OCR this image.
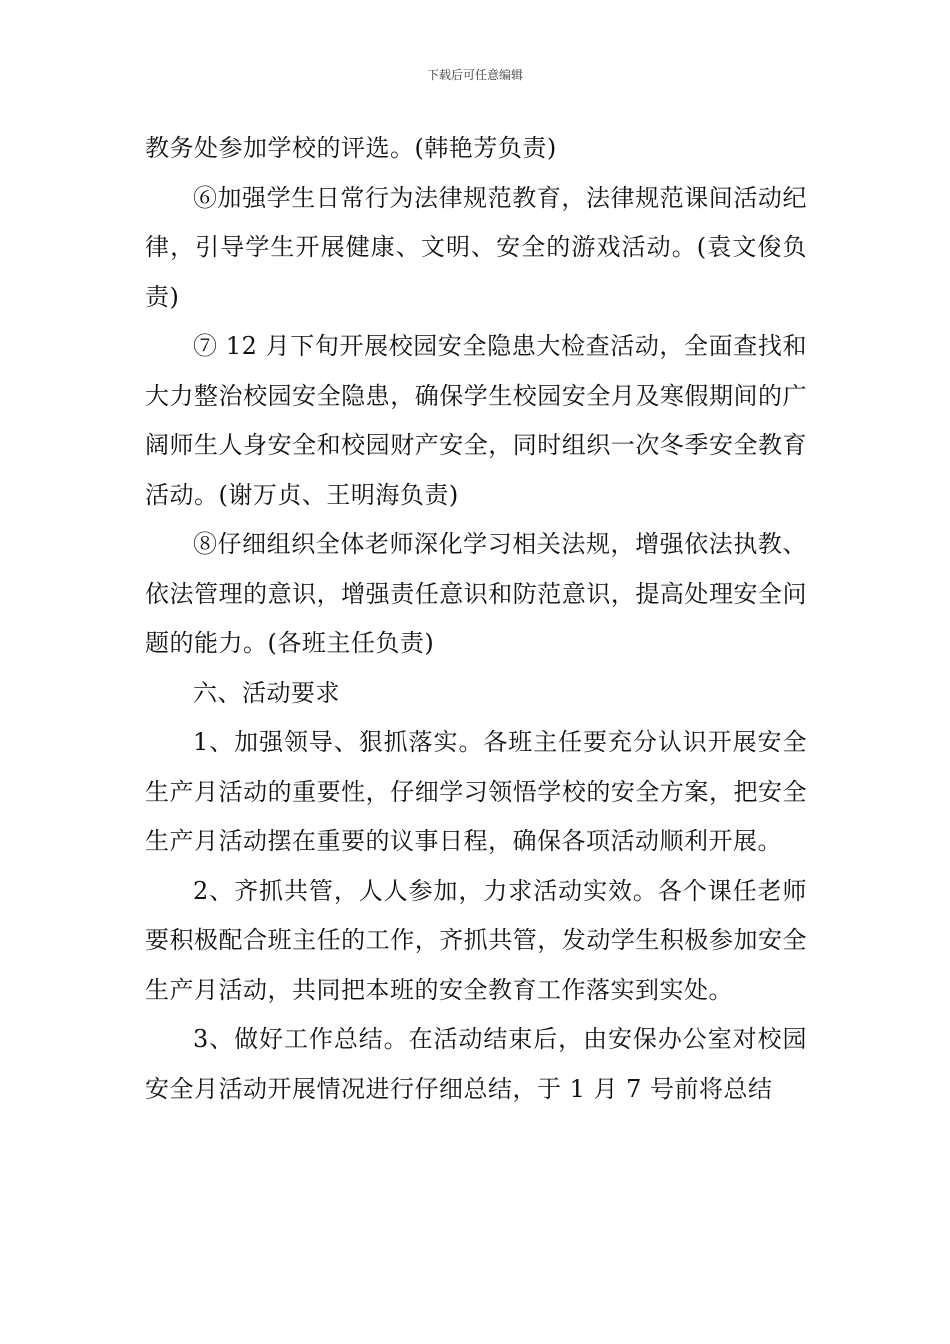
下载后可任意编辑

教务处参加学校的评选。(韩艳芳负责)

⑥加强学生日常行为法律规范教育，法律规范课间活动纪律，引导学生开展健康、文明、安全的游戏活动。(袁文俊负责)

⑦ 12 月下旬开展校园安全隐患大检查活动，全面查找和大力整治校园安全隐患，确保学生校园安全月及寒假期间的广阔师生人身安全和校园财产安全，同时组织一次冬季安全教育活动。(谢万贞、王明海负责)

⑧仔细组织全体老师深化学习相关法规，增强依法执教、依法管理的意识，增强责任意识和防范意识，提高处理安全问题的能力。(各班主任负责)

六、活动要求

1、加强领导、狠抓落实。各班主任要充分认识开展安全生产月活动的重要性，仔细学习领悟学校的安全方案，把安全生产月活动摆在重要的议事日程，确保各项活动顺利开展。

2、齐抓共管，人人参加，力求活动实效。各个课任老师要积极配合班主任的工作，齐抓共管，发动学生积极参加安全生产月活动，共同把本班的安全教育工作落实到实处。

3、做好工作总结。在活动结束后，由安保办公室对校园安全月活动开展情况进行仔细总结，于 1 月 7 号前将总结
